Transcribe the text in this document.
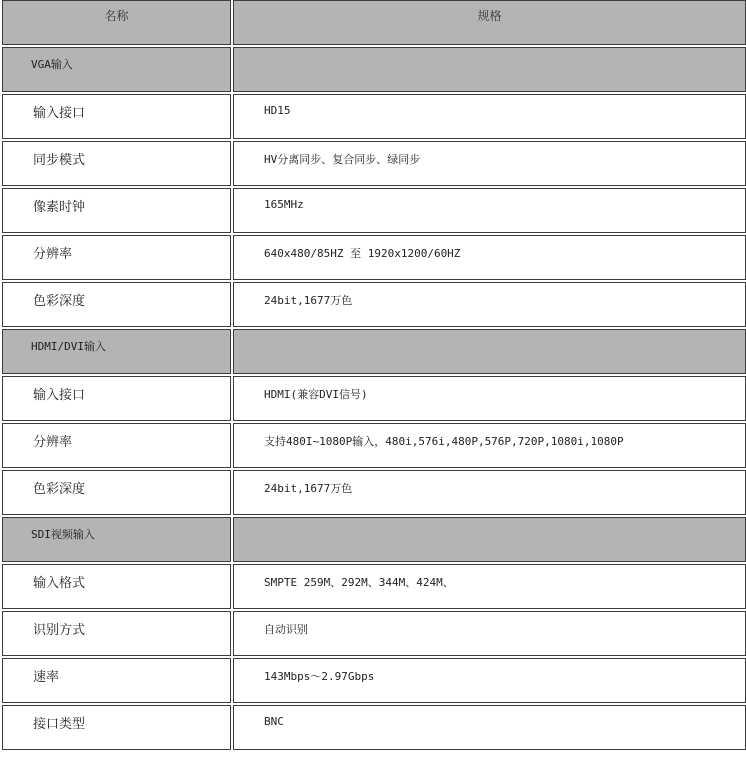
名称	规格
VGA输入	
输入接口	HD15
同步模式	HV分离同步、复合同步、绿同步
像素时钟	165MHz
分辨率	640x480/85HZ 至 1920x1200/60HZ
色彩深度	24bit,1677万色
HDMI/DVI输入	
输入接口	HDMI(兼容DVI信号)
分辨率	支持480I~1080P输入，480i,576i,480P,576P,720P,1080i,1080P
色彩深度	24bit,1677万色
SDI视频输入	
输入格式	SMPTE 259M、292M、344M、424M、
识别方式	自动识别
速率	143Mbps～2.97Gbps
接口类型	BNC
